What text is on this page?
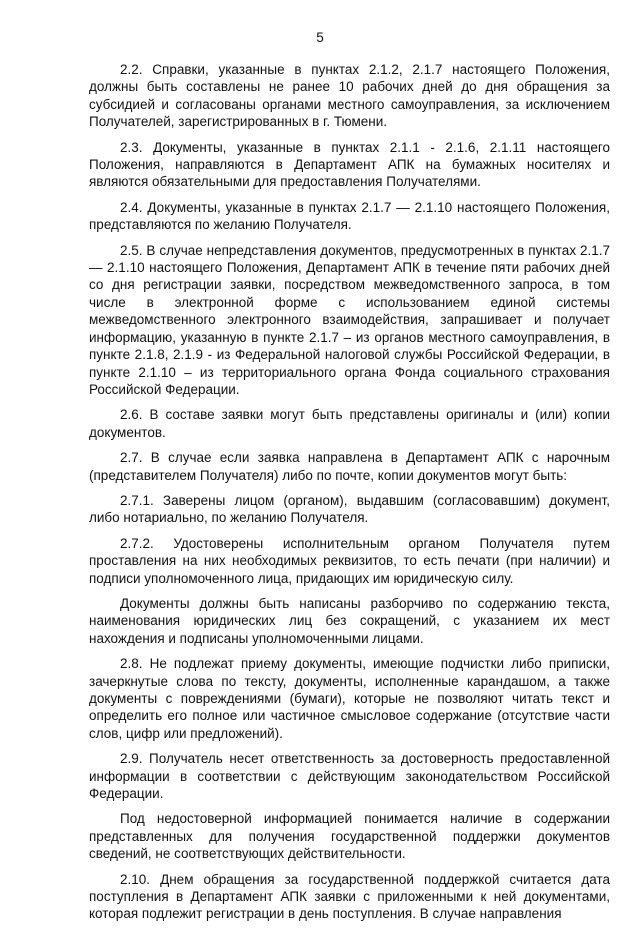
5

2.2. Справки, указанные в пунктах 2.1.2, 2.1.7 настоящего Положения, должны быть составлены не ранее 10 рабочих дней до дня обращения за субсидией и согласованы органами местного самоуправления, за исключением Получателей, зарегистрированных в г. Тюмени.

2.3. Документы, указанные в пунктах 2.1.1 - 2.1.6, 2.1.11 настоящего Положения, направляются в Департамент АПК на бумажных носителях и являются обязательными для предоставления Получателями.

2.4. Документы, указанные в пунктах 2.1.7 — 2.1.10 настоящего Положения, представляются по желанию Получателя.

2.5. В случае непредставления документов, предусмотренных в пунктах 2.1.7 — 2.1.10 настоящего Положения, Департамент АПК в течение пяти рабочих дней со дня регистрации заявки, посредством межведомственного запроса, в том числе в электронной форме с использованием единой системы межведомственного электронного взаимодействия, запрашивает и получает информацию, указанную в пункте 2.1.7 – из органов местного самоуправления, в пункте 2.1.8, 2.1.9 - из Федеральной налоговой службы Российской Федерации, в пункте 2.1.10 – из территориального органа Фонда социального страхования Российской Федерации.

2.6. В составе заявки могут быть представлены оригиналы и (или) копии документов.

2.7. В случае если заявка направлена в Департамент АПК с нарочным (представителем Получателя) либо по почте, копии документов могут быть:

2.7.1. Заверены лицом (органом), выдавшим (согласовавшим) документ, либо нотариально, по желанию Получателя.

2.7.2. Удостоверены исполнительным органом Получателя путем проставления на них необходимых реквизитов, то есть печати (при наличии) и подписи уполномоченного лица, придающих им юридическую силу.

Документы должны быть написаны разборчиво по содержанию текста, наименования юридических лиц без сокращений, с указанием их мест нахождения и подписаны уполномоченными лицами.

2.8. Не подлежат приему документы, имеющие подчистки либо приписки, зачеркнутые слова по тексту, документы, исполненные карандашом, а также документы с повреждениями (бумаги), которые не позволяют читать текст и определить его полное или частичное смысловое содержание (отсутствие части слов, цифр или предложений).

2.9. Получатель несет ответственность за достоверность предоставленной информации в соответствии с действующим законодательством Российской Федерации.

Под недостоверной информацией понимается наличие в содержании представленных для получения государственной поддержки документов сведений, не соответствующих действительности.

2.10. Днем обращения за государственной поддержкой считается дата поступления в Департамент АПК заявки с приложенными к ней документами, которая подлежит регистрации в день поступления. В случае направления
